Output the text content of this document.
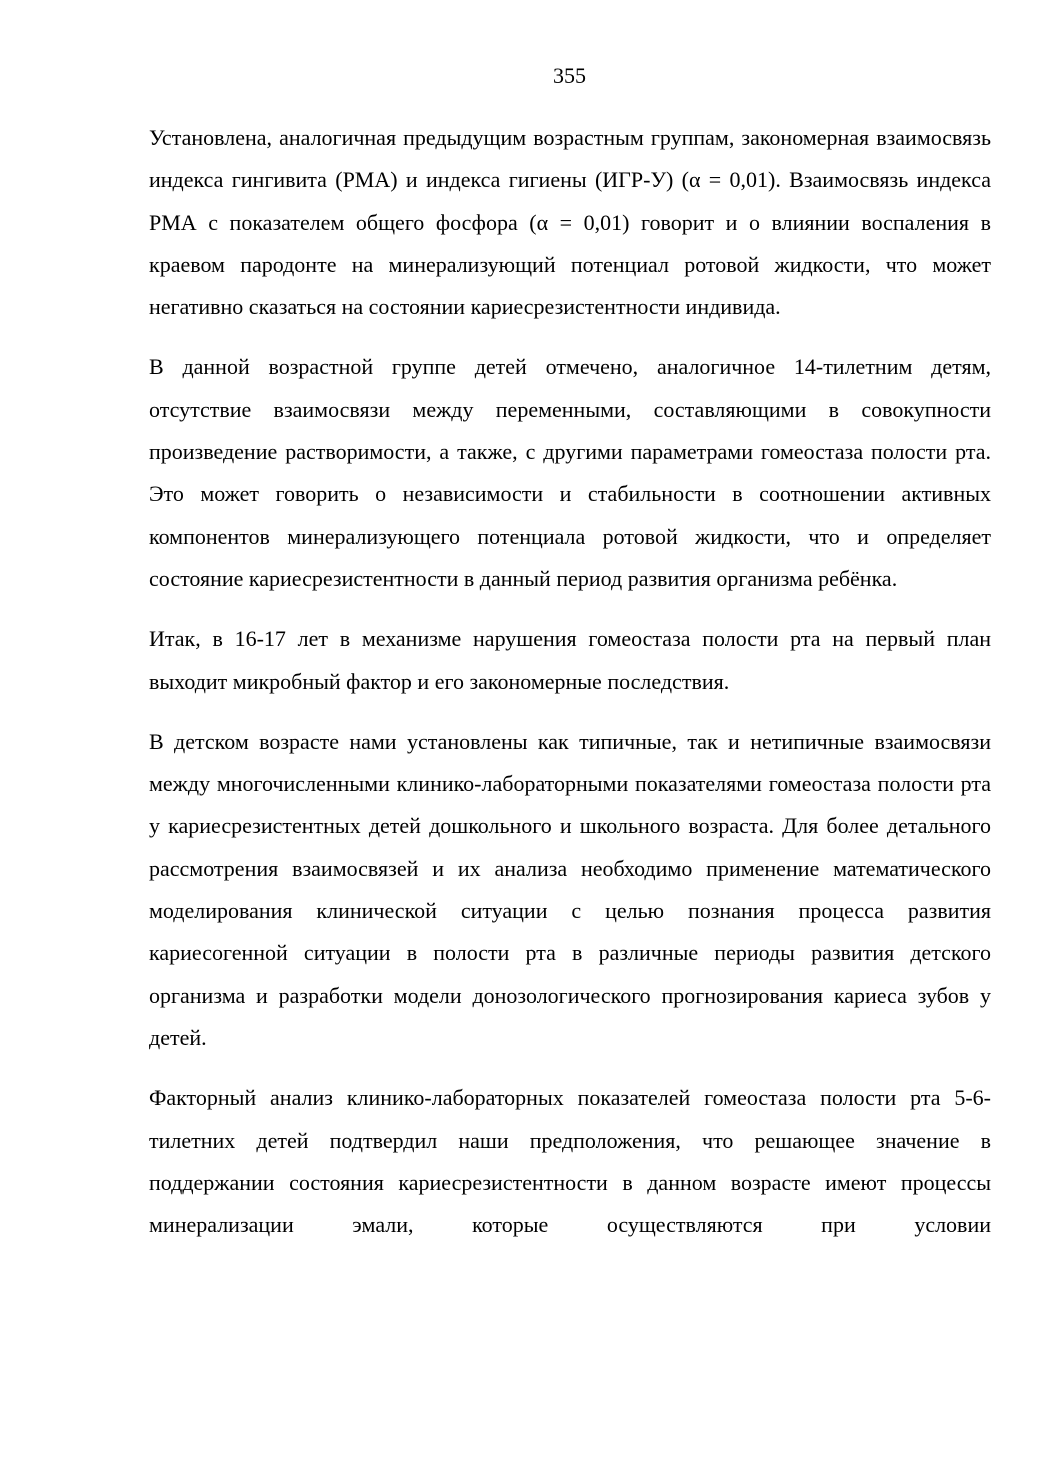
355

Установлена, аналогичная предыдущим возрастным группам, закономерная взаимосвязь индекса гингивита (РМА) и индекса гигиены (ИГР-У) (α = 0,01). Взаимосвязь индекса РМА с показателем общего фосфора (α = 0,01) говорит и о влиянии воспаления в краевом пародонте на минерализующий потенциал ротовой жидкости, что может негативно сказаться на состоянии кариесрезистентности индивида.

В данной возрастной группе детей отмечено, аналогичное 14-тилетним детям, отсутствие взаимосвязи между переменными, составляющими в совокупности произведение растворимости, а также, с другими параметрами гомеостаза полости рта. Это может говорить о независимости и стабильности в соотношении активных компонентов минерализующего потенциала ротовой жидкости, что и определяет состояние кариесрезистентности в данный период развития организма ребёнка.

Итак, в 16-17 лет в механизме нарушения гомеостаза полости рта на первый план выходит микробный фактор и его закономерные последствия.

В детском возрасте нами установлены как типичные, так и нетипичные взаимосвязи между многочисленными клинико-лабораторными показателями гомеостаза полости рта у кариесрезистентных детей дошкольного и школьного возраста. Для более детального рассмотрения взаимосвязей и их анализа необходимо применение математического моделирования клинической ситуации с целью познания процесса развития кариесогенной ситуации в полости рта в различные периоды развития детского организма и разработки модели донозологического прогнозирования кариеса зубов у детей.

Факторный анализ клинико-лабораторных показателей гомеостаза полости рта 5-6-тилетних детей подтвердил наши предположения, что решающее значение в поддержании состояния кариесрезистентности в данном возрасте имеют процессы минерализации эмали, которые осуществляются при условии
